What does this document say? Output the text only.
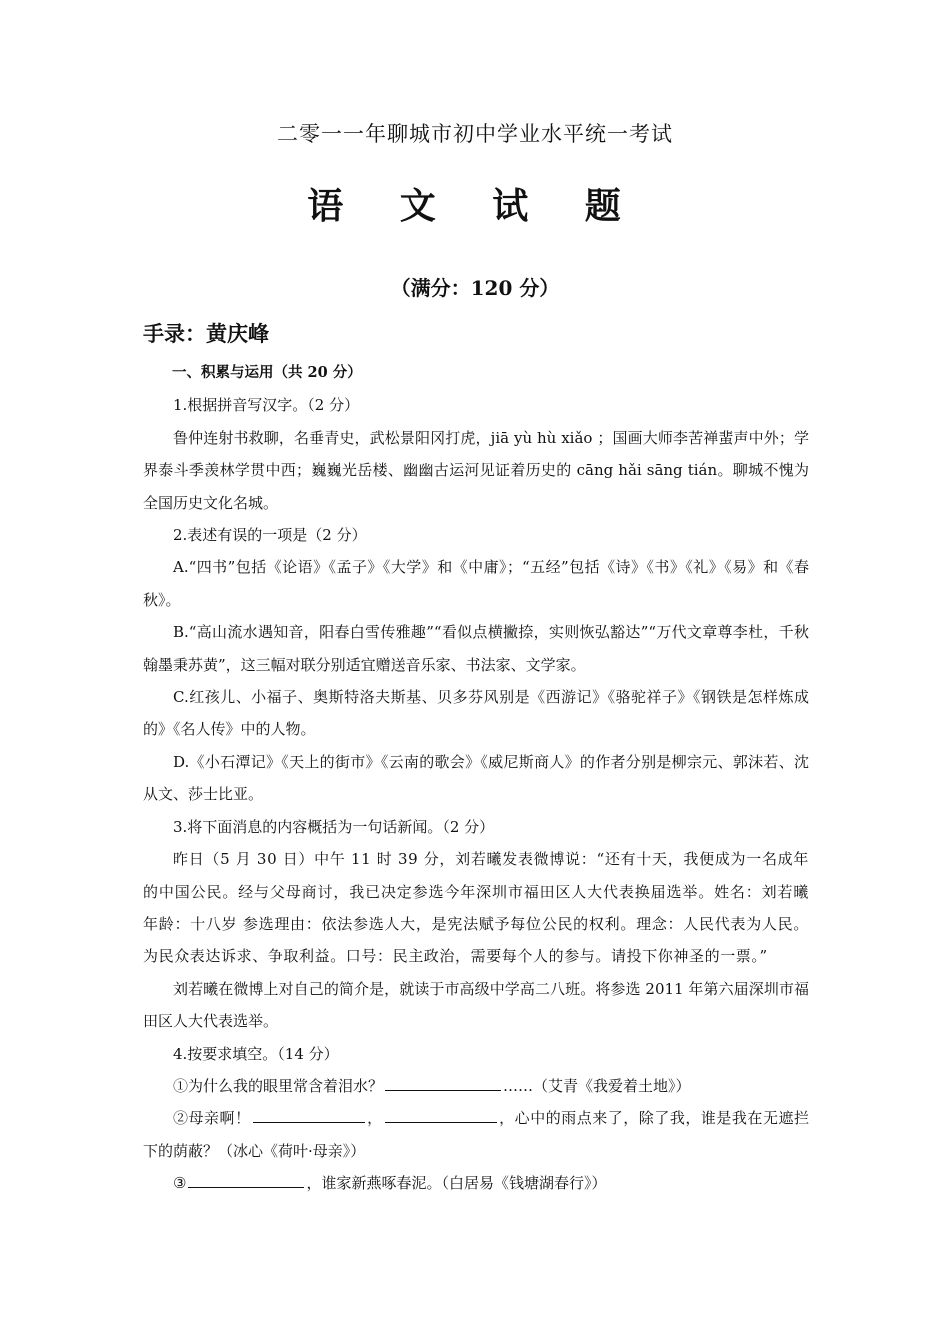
二零一一年聊城市初中学业水平统一考试
语 文 试 题
（满分：120 分）
手录：黄庆峰

一、积累与运用（共 20 分）

1.根据拼音写汉字。（2 分）

鲁仲连射书救聊，名垂青史，武松景阳冈打虎，jiā yù hù xiǎo ；国画大师李苦禅蜚声中外；学界泰斗季羡林学贯中西；巍巍光岳楼、幽幽古运河见证着历史的 cāng hǎi sāng tián。聊城不愧为全国历史文化名城。

2.表述有误的一项是（2 分）

A.“四书”包括《论语》《孟子》《大学》和《中庸》；“五经”包括《诗》《书》《礼》《易》和《春秋》。

B.“高山流水遇知音，阳春白雪传雅趣”“看似点横撇捺，实则恢弘豁达”“万代文章尊李杜，千秋翰墨秉苏黄”，这三幅对联分别适宜赠送音乐家、书法家、文学家。

C.红孩儿、小福子、奥斯特洛夫斯基、贝多芬风别是《西游记》《骆驼祥子》《钢铁是怎样炼成的》《名人传》中的人物。

D.《小石潭记》《天上的街市》《云南的歌会》《威尼斯商人》的作者分别是柳宗元、郭沫若、沈从文、莎士比亚。

3.将下面消息的内容概括为一句话新闻。（2 分）

昨日（5 月 30 日）中午 11 时 39 分，刘若曦发表微博说：“还有十天，我便成为一名成年的中国公民。经与父母商讨，我已决定参选今年深圳市福田区人大代表换届选举。姓名：刘若曦 年龄：十八岁 参选理由：依法参选人大，是宪法赋予每位公民的权利。理念：人民代表为人民。为民众表达诉求、争取利益。口号：民主政治，需要每个人的参与。请投下你神圣的一票。”

刘若曦在微博上对自己的简介是，就读于市高级中学高二八班。将参选 2011 年第六届深圳市福田区人大代表选举。

4.按要求填空。（14 分）

①为什么我的眼里常含着泪水？	……（艾青《我爱着土地》）

②母亲啊！	，	，心中的雨点来了，除了我，谁是我在无遮拦下的荫蔽？（冰心《荷叶·母亲》）

③	，谁家新燕啄春泥。（白居易《钱塘湖春行》）
